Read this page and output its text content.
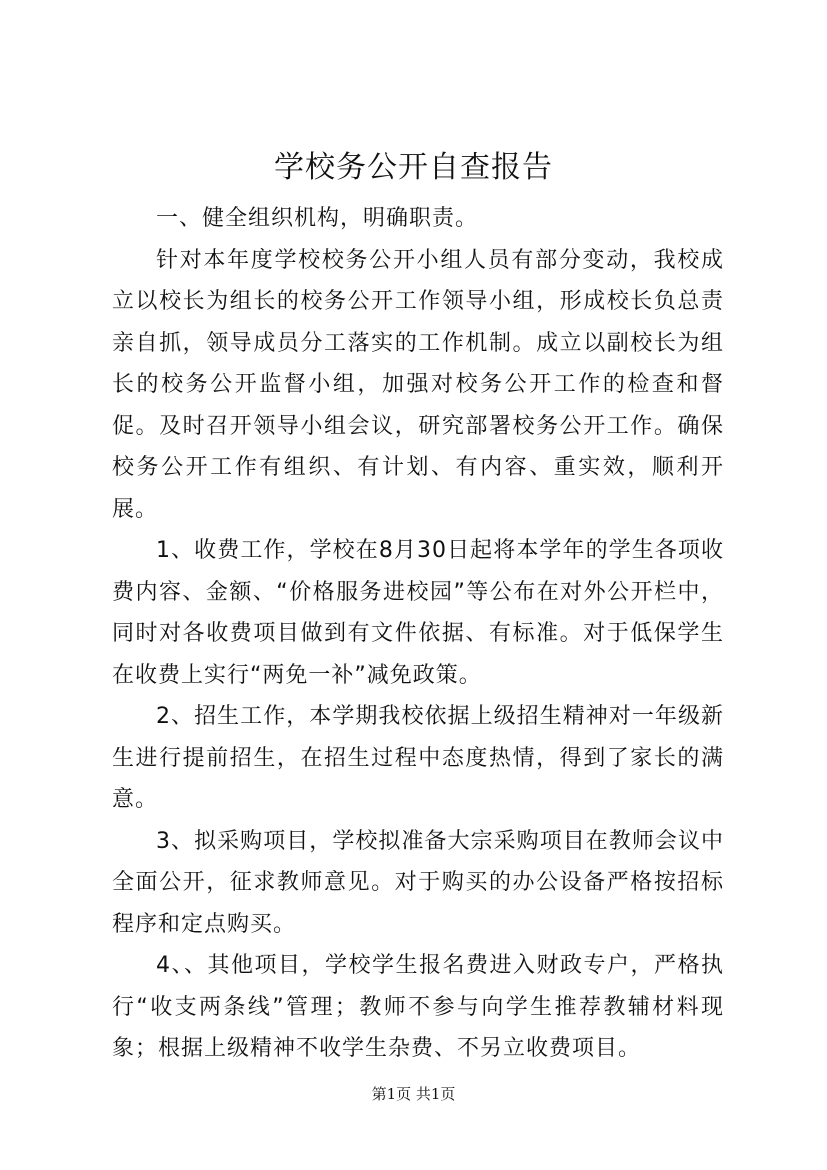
学校务公开自查报告

一、健全组织机构，明确职责。

针对本年度学校校务公开小组人员有部分变动，我校成立以校长为组长的校务公开工作领导小组，形成校长负总责亲自抓，领导成员分工落实的工作机制。成立以副校长为组长的校务公开监督小组，加强对校务公开工作的检查和督促。及时召开领导小组会议，研究部署校务公开工作。确保校务公开工作有组织、有计划、有内容、重实效，顺利开展。

1、收费工作，学校在8月30日起将本学年的学生各项收费内容、金额、“价格服务进校园”等公布在对外公开栏中，同时对各收费项目做到有文件依据、有标准。对于低保学生在收费上实行“两免一补”减免政策。

2、招生工作，本学期我校依据上级招生精神对一年级新生进行提前招生，在招生过程中态度热情，得到了家长的满意。

3、拟采购项目，学校拟准备大宗采购项目在教师会议中全面公开，征求教师意见。对于购买的办公设备严格按招标程序和定点购买。

4、、其他项目，学校学生报名费进入财政专户，严格执行“收支两条线”管理；教师不参与向学生推荐教辅材料现象；根据上级精神不收学生杂费、不另立收费项目。

第1页 共1页
